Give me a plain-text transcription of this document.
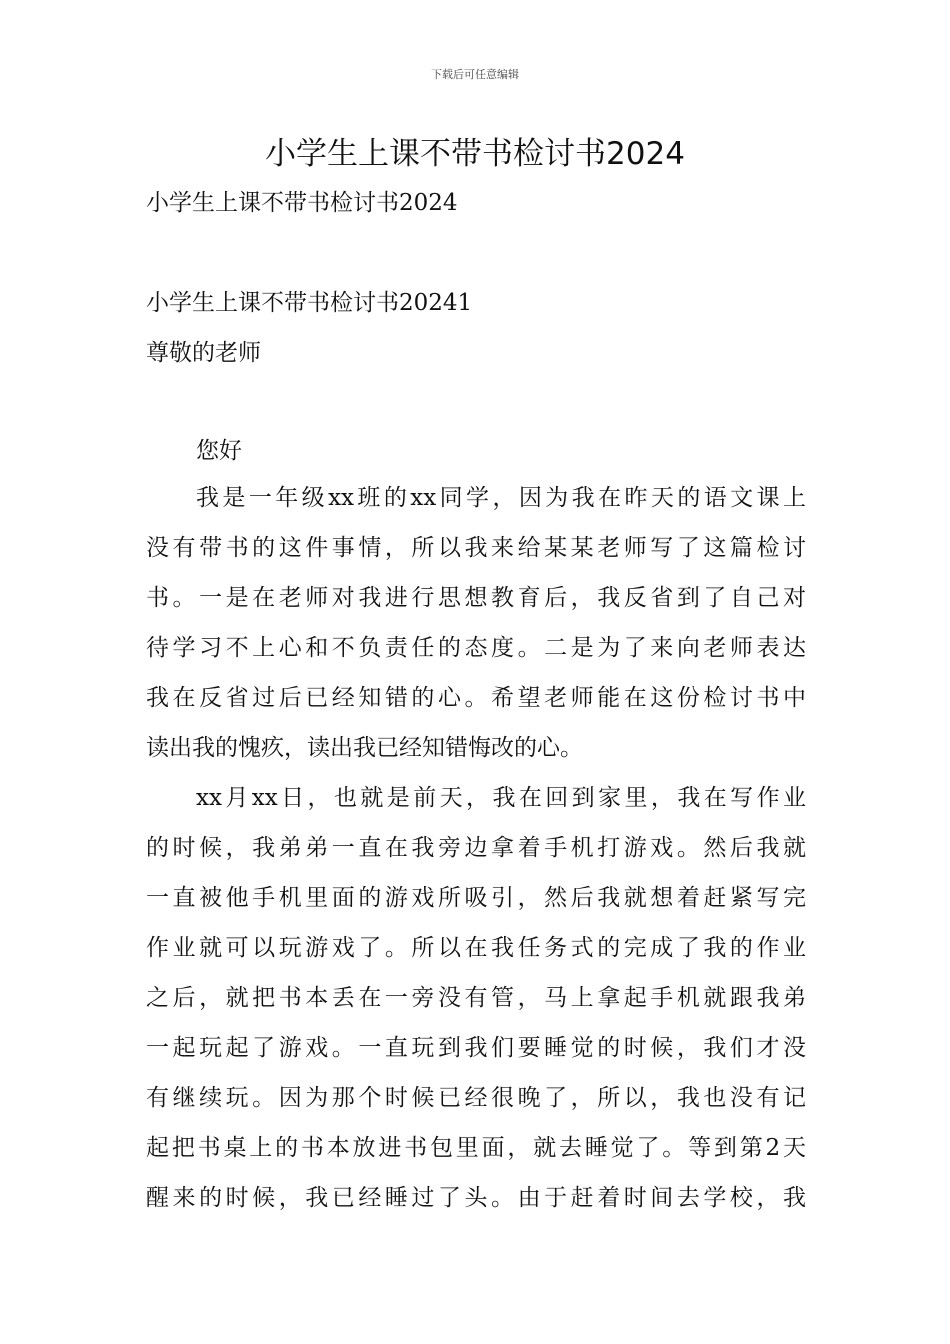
下载后可任意编辑
小学生上课不带书检讨书2024
小学生上课不带书检讨书2024
小学生上课不带书检讨书20241
尊敬的老师
您好
我是一年级xx班的xx同学，因为我在昨天的语文课上
没有带书的这件事情，所以我来给某某老师写了这篇检讨
书。一是在老师对我进行思想教育后，我反省到了自己对
待学习不上心和不负责任的态度。二是为了来向老师表达
我在反省过后已经知错的心。希望老师能在这份检讨书中
读出我的愧疚，读出我已经知错悔改的心。
xx月xx日，也就是前天，我在回到家里，我在写作业
的时候，我弟弟一直在我旁边拿着手机打游戏。然后我就
一直被他手机里面的游戏所吸引，然后我就想着赶紧写完
作业就可以玩游戏了。所以在我任务式的完成了我的作业
之后，就把书本丢在一旁没有管，马上拿起手机就跟我弟
一起玩起了游戏。一直玩到我们要睡觉的时候，我们才没
有继续玩。因为那个时候已经很晚了，所以，我也没有记
起把书桌上的书本放进书包里面，就去睡觉了。等到第2天
醒来的时候，我已经睡过了头。由于赶着时间去学校，我
